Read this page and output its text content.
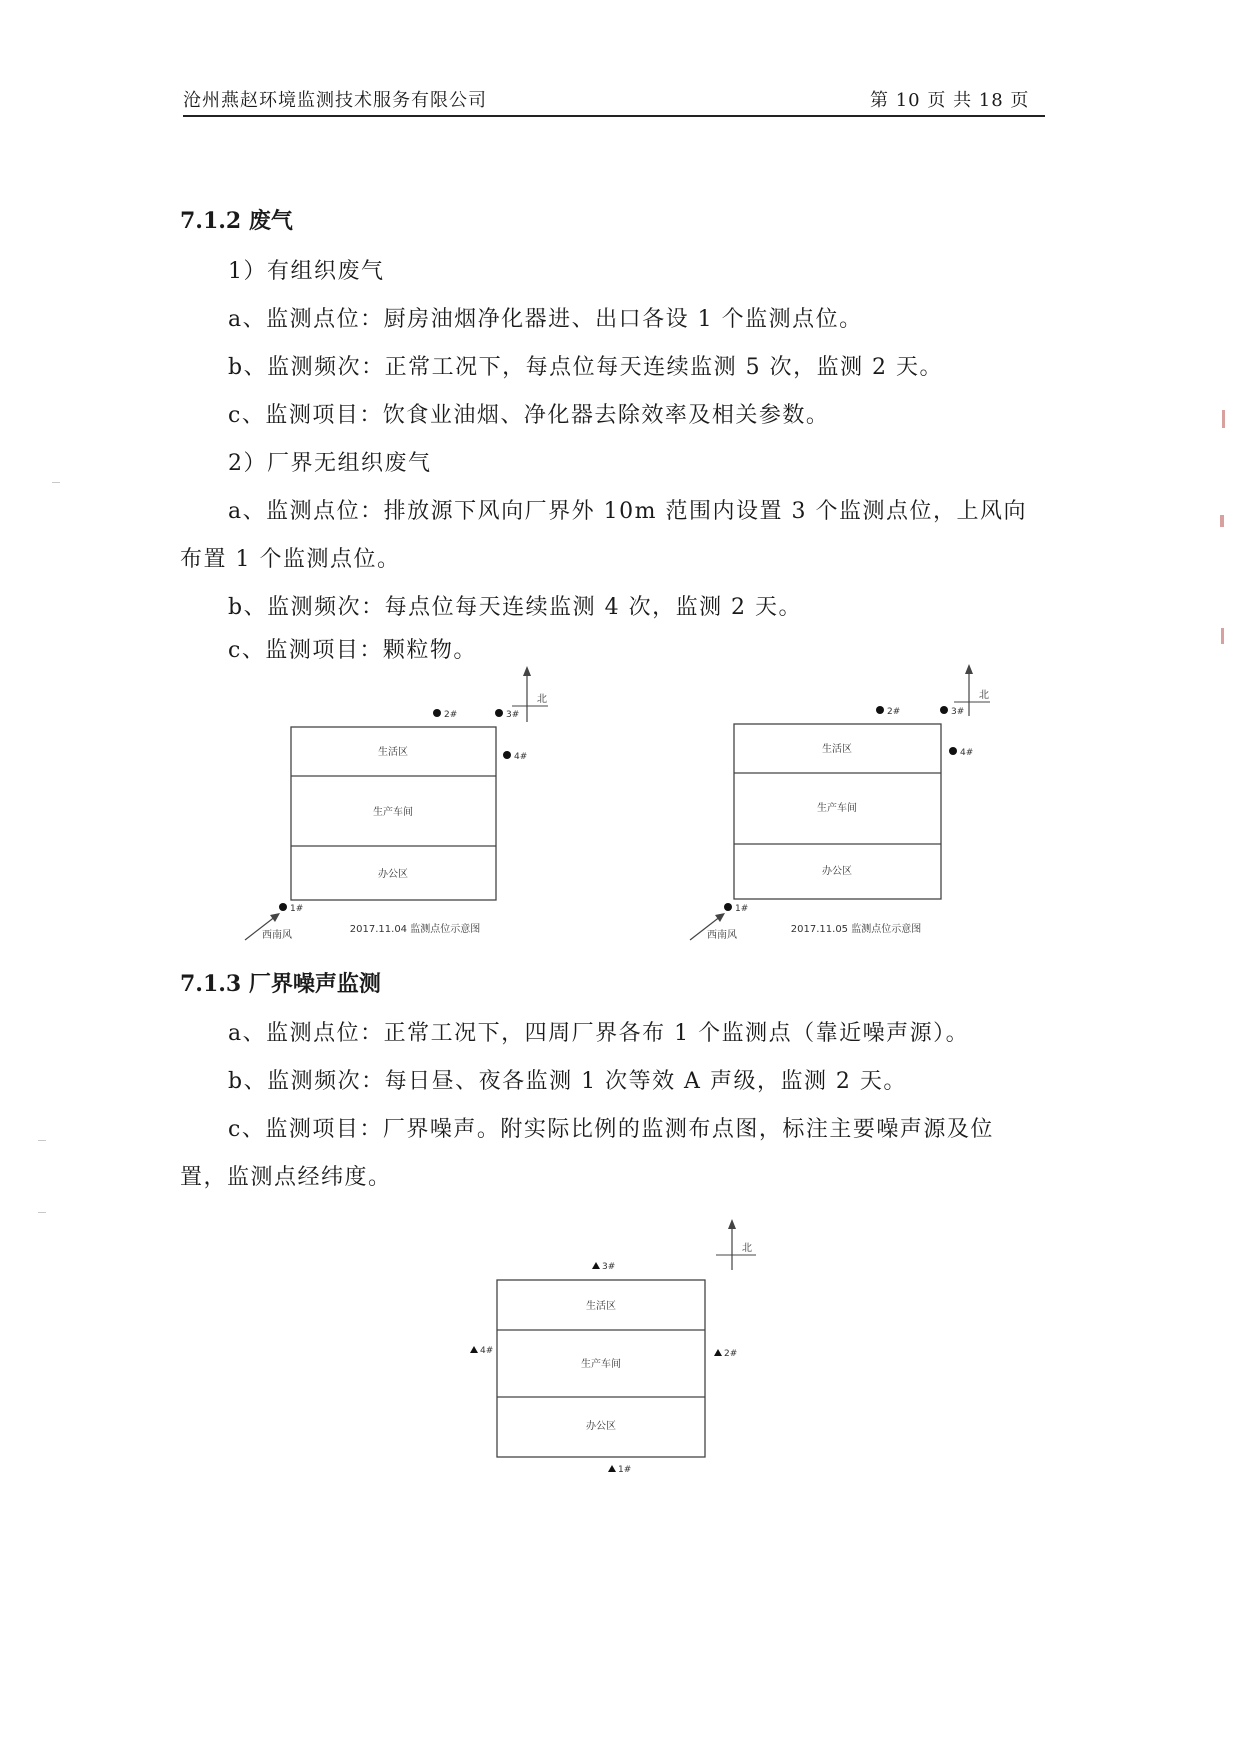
沧州燕赵环境监测技术服务有限公司	第 10 页 共 18 页
7.1.2 废气
1）有组织废气
a、监测点位：厨房油烟净化器进、出口各设 1 个监测点位。
b、监测频次：正常工况下，每点位每天连续监测 5 次，监测 2 天。
c、监测项目：饮食业油烟、净化器去除效率及相关参数。
2）厂界无组织废气
a、监测点位：排放源下风向厂界外 10m 范围内设置 3 个监测点位，上风向
布置 1 个监测点位。
b、监测频次：每点位每天连续监测 4 次，监测 2 天。
c、监测项目：颗粒物。
北
生活区
生产车间
办公区
2#	3#
4#
1#
西南风
2017.11.04 监测点位示意图
北
生活区
生产车间
办公区
2#	3#
4#
1#
西南风
2017.11.05 监测点位示意图
7.1.3 厂界噪声监测
a、监测点位：正常工况下，四周厂界各布 1 个监测点（靠近噪声源）。
b、监测频次：每日昼、夜各监测 1 次等效 A 声级，监测 2 天。
c、监测项目：厂界噪声。附实际比例的监测布点图，标注主要噪声源及位
置，监测点经纬度。
北
生活区
生产车间
办公区
3#
4#	2#
1#
